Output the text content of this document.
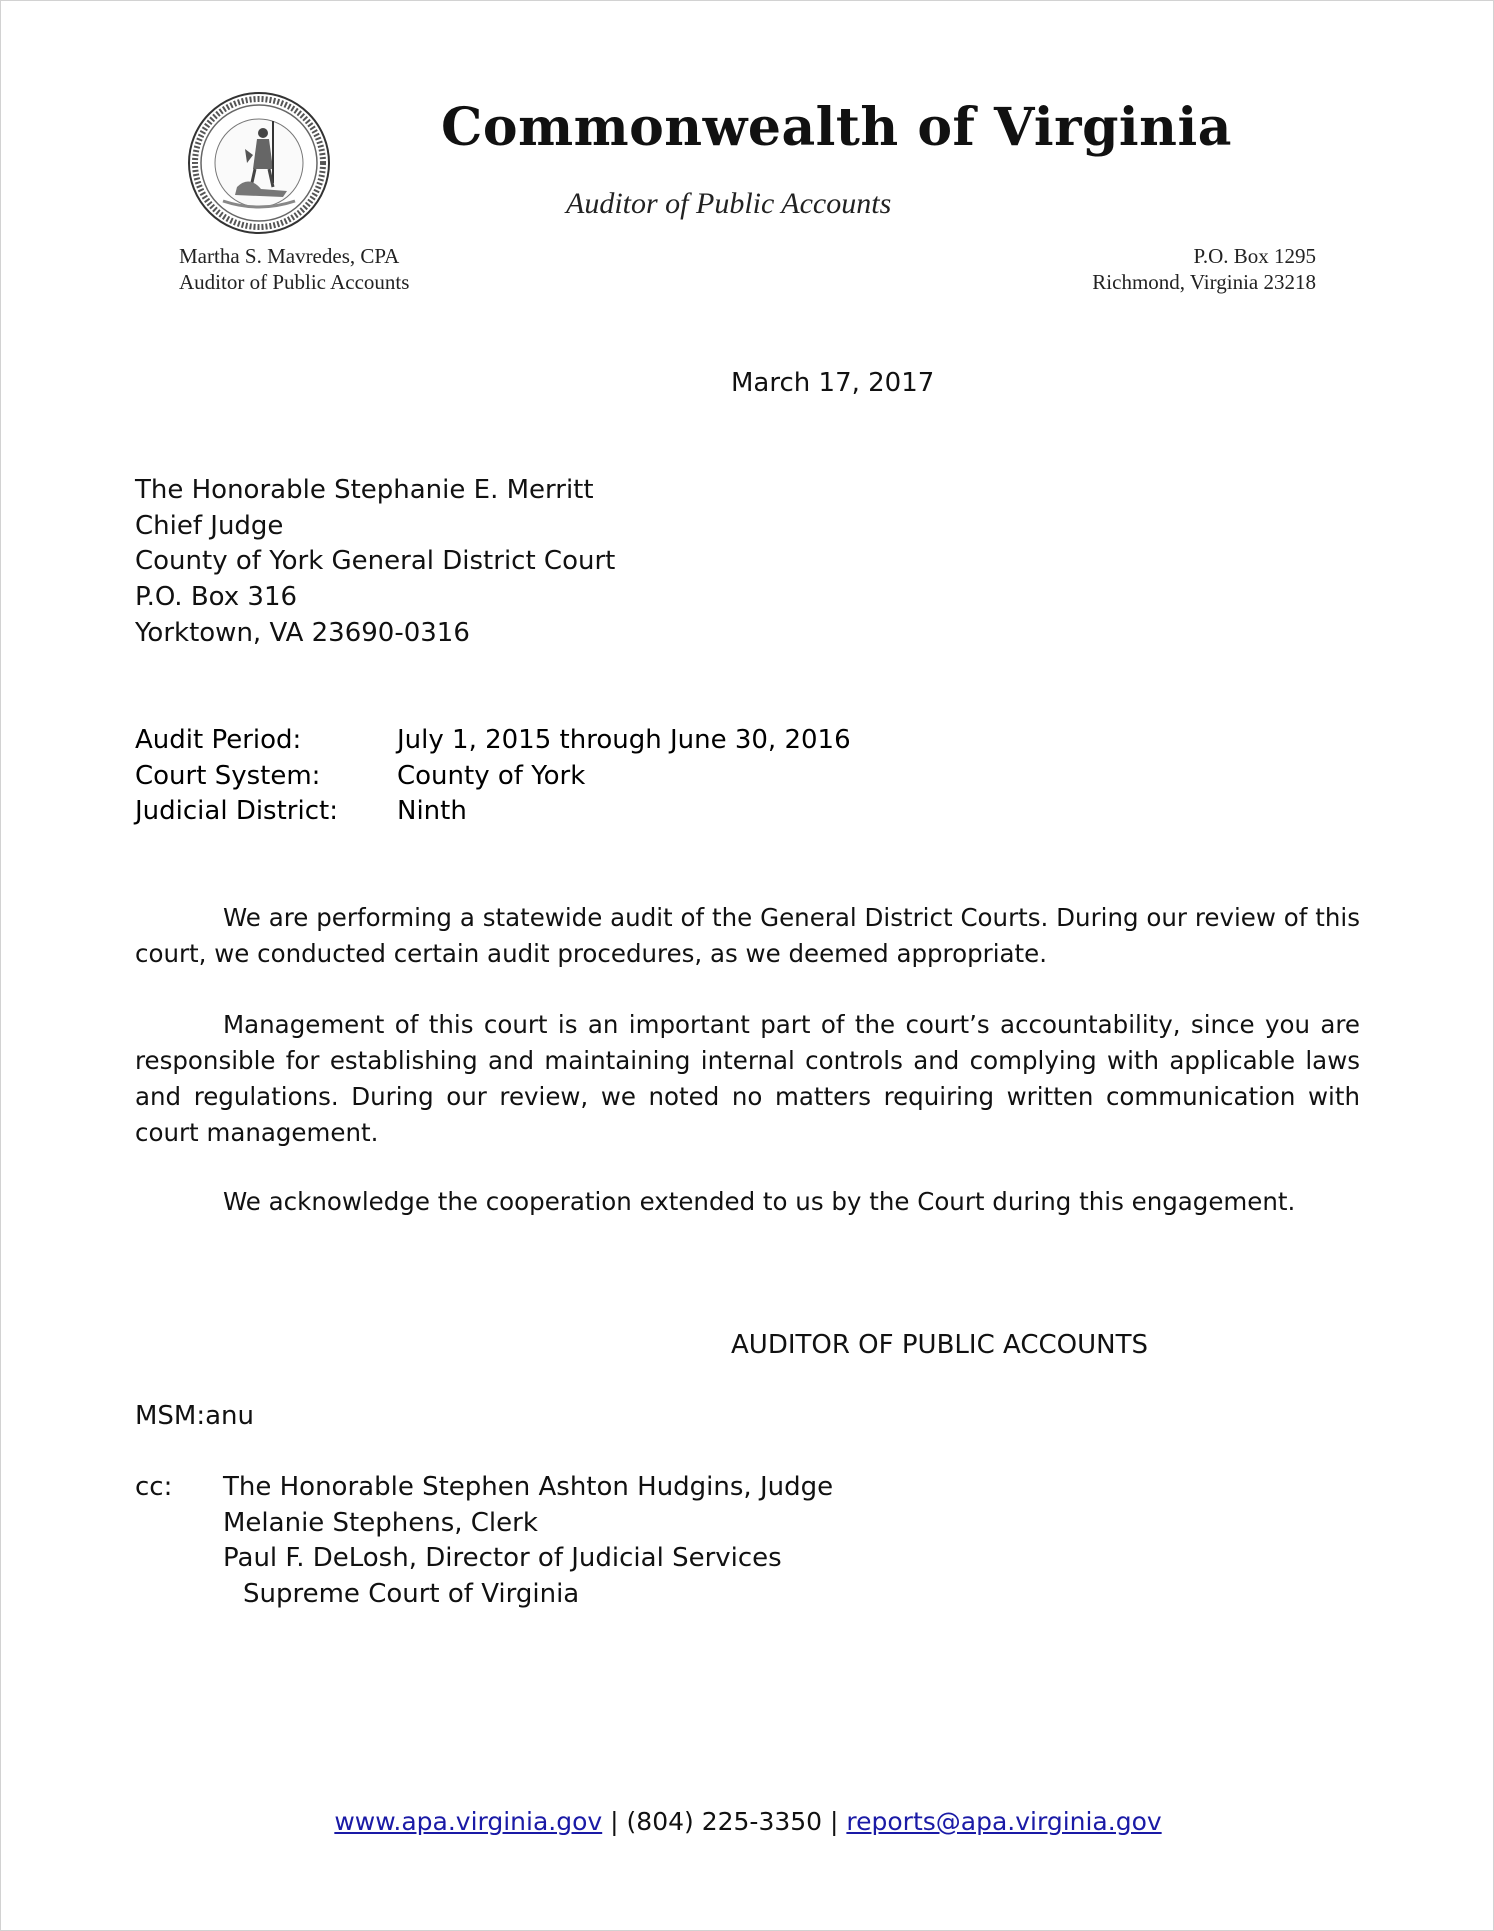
Commonwealth of Virginia
Auditor of Public Accounts
Martha S. Mavredes, CPA
Auditor of Public Accounts
P.O. Box 1295
Richmond, Virginia 23218
March 17, 2017
The Honorable Stephanie E. Merritt
Chief Judge
County of York General District Court
P.O. Box 316
Yorktown, VA 23690-0316
Audit Period:	July 1, 2015 through June 30, 2016
Court System:	County of York
Judicial District: Ninth
We are performing a statewide audit of the General District Courts. During our review of this court, we conducted certain audit procedures, as we deemed appropriate.
Management of this court is an important part of the court’s accountability, since you are responsible for establishing and maintaining internal controls and complying with applicable laws and regulations. During our review, we noted no matters requiring written communication with court management.
We acknowledge the cooperation extended to us by the Court during this engagement.
AUDITOR OF PUBLIC ACCOUNTS
MSM:anu
cc: The Honorable Stephen Ashton Hudgins, Judge
Melanie Stephens, Clerk
Paul F. DeLosh, Director of Judicial Services
Supreme Court of Virginia
www.apa.virginia.gov | (804) 225-3350 | reports@apa.virginia.gov
